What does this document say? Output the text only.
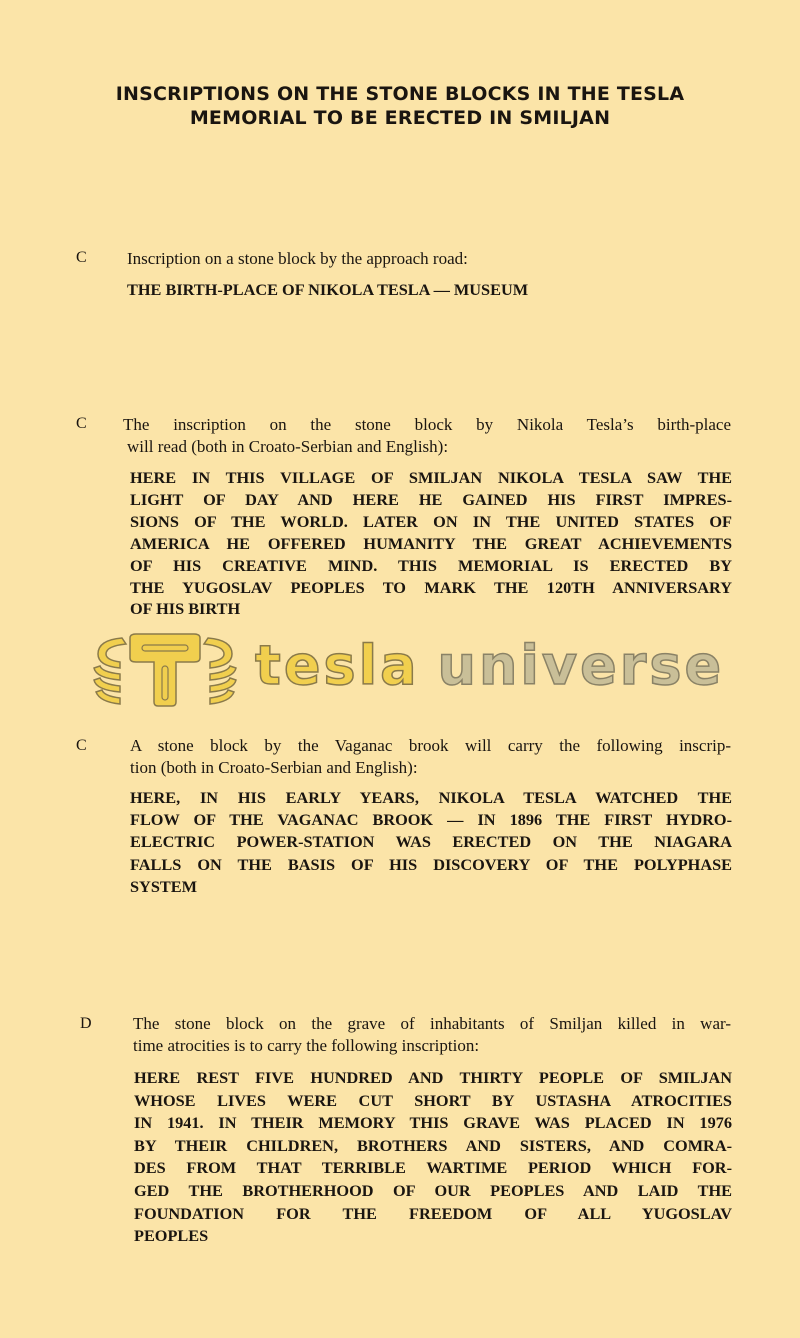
INSCRIPTIONS ON THE STONE BLOCKS IN THE TESLA
MEMORIAL TO BE ERECTED IN SMILJAN
C Inscription on a stone block by the approach road:
THE BIRTH-PLACE OF NIKOLA TESLA — MUSEUM
C The inscription on the stone block by Nikola Tesla’s birth-place
will read (both in Croato-Serbian and English):
HERE IN THIS VILLAGE OF SMILJAN NIKOLA TESLA SAW THE
LIGHT OF DAY AND HERE HE GAINED HIS FIRST IMPRES-
SIONS OF THE WORLD. LATER ON IN THE UNITED STATES OF
AMERICA HE OFFERED HUMANITY THE GREAT ACHIEVEMENTS
OF HIS CREATIVE MIND. THIS MEMORIAL IS ERECTED BY
THE YUGOSLAV PEOPLES TO MARK THE 120TH ANNIVERSARY
OF HIS BIRTH
tesla universe
C	A stone block by the Vaganac brook will carry the following inscrip-
tion (both in Croato-Serbian and English):
HERE, IN HIS EARLY YEARS, NIKOLA TESLA WATCHED THE
FLOW OF THE VAGANAC BROOK — IN 1896 THE FIRST HYDRO-
ELECTRIC POWER-STATION WAS ERECTED ON THE NIAGARA
FALLS ON THE BASIS OF HIS DISCOVERY OF THE POLYPHASE
SYSTEM
D The stone block on the grave of inhabitants of Smiljan killed in war-
time atrocities is to carry the following inscription:
HERE REST FIVE HUNDRED AND THIRTY PEOPLE OF SMILJAN
WHOSE LIVES WERE CUT SHORT BY USTASHA ATROCITIES
IN 1941. IN THEIR MEMORY THIS GRAVE WAS PLACED IN 1976
BY THEIR CHILDREN, BROTHERS AND SISTERS, AND COMRA-
DES FROM THAT TERRIBLE WARTIME PERIOD WHICH FOR-
GED THE BROTHERHOOD OF OUR PEOPLES AND LAID THE
FOUNDATION FOR THE FREEDOM OF ALL YUGOSLAV
PEOPLES
